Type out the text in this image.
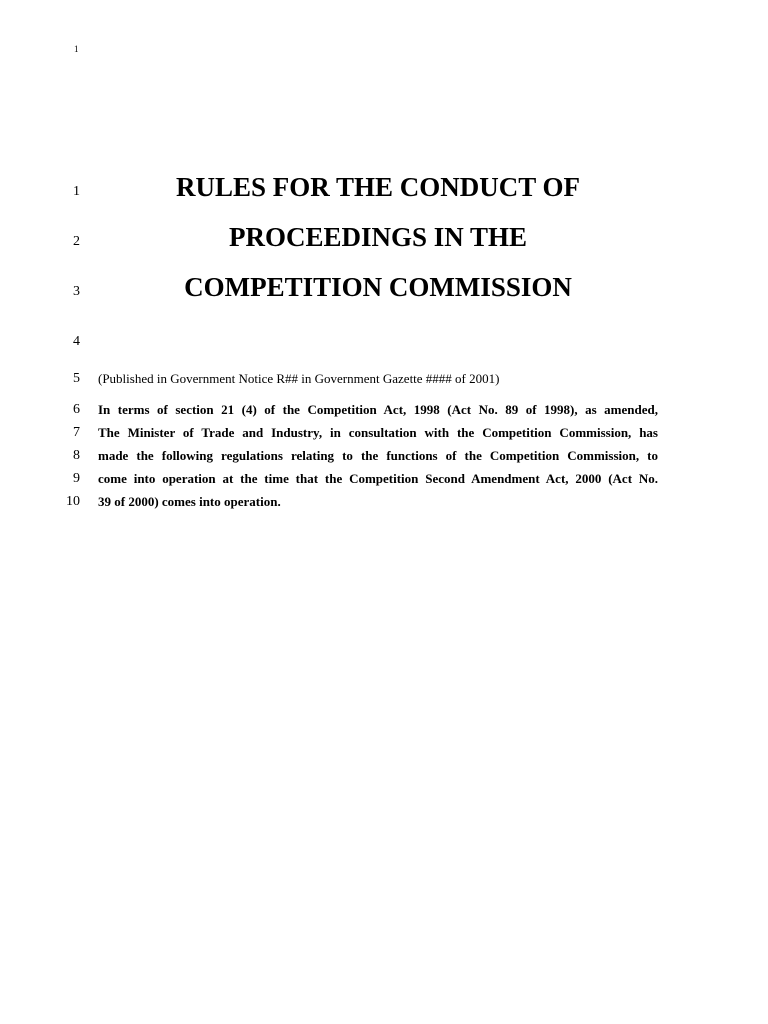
1
1	RULES FOR THE CONDUCT OF
2	PROCEEDINGS IN THE
3	COMPETITION COMMISSION
4
5 (Published in Government Notice R## in Government Gazette #### of 2001)
6 In terms of section 21 (4) of the Competition Act, 1998 (Act No. 89 of 1998), as amended,
7 The Minister of Trade and Industry, in consultation with the Competition Commission, has
8 made the following regulations relating to the functions of the Competition Commission, to
9 come into operation at the time that the Competition Second Amendment Act, 2000 (Act No.
10 39 of 2000) comes into operation.
